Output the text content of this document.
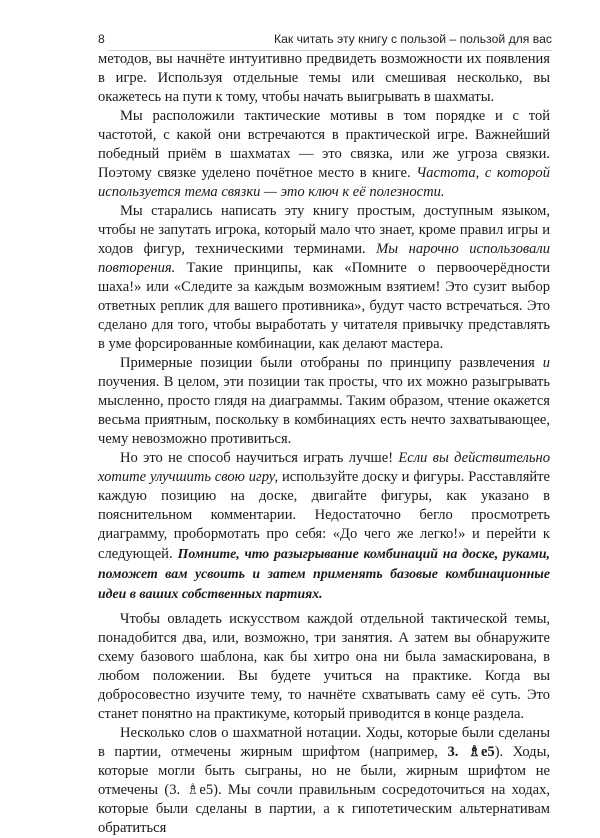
8	Как читать эту книгу с пользой – пользой для вас

методов, вы начнёте интуитивно предвидеть возможности их появления в игре. Используя отдельные темы или смешивая несколько, вы окажетесь на пути к тому, чтобы начать выигрывать в шахматы.

Мы расположили тактические мотивы в том порядке и с той частотой, с какой они встречаются в практической игре. Важнейший победный приём в шахматах — это связка, или же угроза связки. Поэтому связке уделено почётное место в книге. Частота, с которой используется тема связки — это ключ к её полезности.

Мы старались написать эту книгу простым, доступным языком, чтобы не запутать игрока, который мало что знает, кроме правил игры и ходов фигур, техническими терминами. Мы нарочно использовали повторения. Такие принципы, как «Помните о первоочерёдности шаха!» или «Следите за каждым возможным взятием! Это сузит выбор ответных реплик для вашего противника», будут часто встречаться. Это сделано для того, чтобы выработать у читателя привычку представлять в уме форсированные комбинации, как делают мастера.

Примерные позиции были отобраны по принципу развлечения и поучения. В целом, эти позиции так просты, что их можно разыгрывать мысленно, просто глядя на диаграммы. Таким образом, чтение окажется весьма приятным, поскольку в комбинациях есть нечто захватывающее, чему невозможно противиться.

Но это не способ научиться играть лучше! Если вы действительно хотите улучшить свою игру, используйте доску и фигуры. Расставляйте каждую позицию на доске, двигайте фигуры, как указано в пояснительном комментарии. Недостаточно бегло просмотреть диаграмму, пробормотать про себя: «До чего же легко!» и перейти к следующей. Помните, что разыгрывание комбинаций на доске, руками, поможет вам усвоить и затем применять базовые комбинационные идеи в ваших собственных партиях.

Чтобы овладеть искусством каждой отдельной тактической темы, понадобится два, или, возможно, три занятия. А затем вы обнаружите схему базового шаблона, как бы хитро она ни была замаскирована, в любом положении. Вы будете учиться на практике. Когда вы добросовестно изучите тему, то начнёте схватывать саму её суть. Это станет понятно на практикуме, который приводится в конце раздела.

Несколько слов о шахматной нотации. Ходы, которые были сделаны в партии, отмечены жирным шрифтом (например, 3. ♗e5). Ходы, которые могли быть сыграны, но не были, жирным шрифтом не отмечены (3. ♗e5). Мы сочли правильным сосредоточиться на ходах, которые были сделаны в партии, а к гипотетическим альтернативам обратиться
